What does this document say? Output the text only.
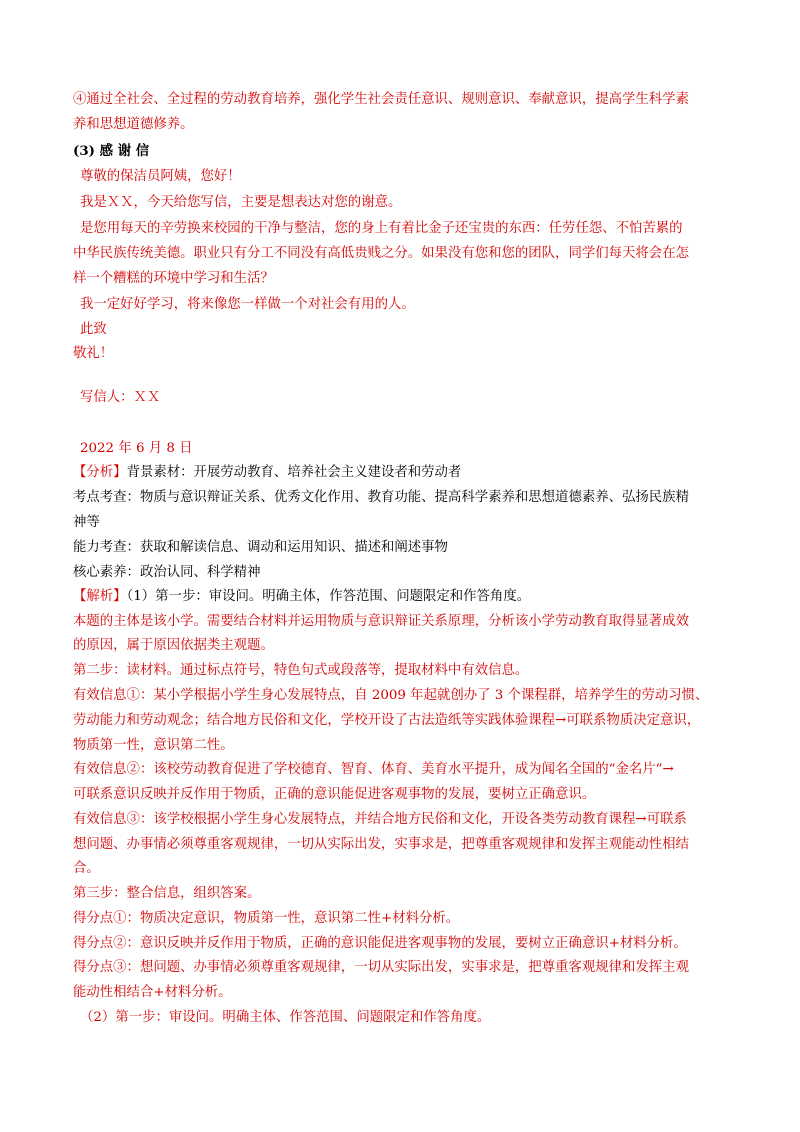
④通过全社会、全过程的劳动教育培养，强化学生社会责任意识、规则意识、奉献意识，提高学生科学素
养和思想道德修养。
(3) 感 谢 信
尊敬的保洁员阿姨，您好！
我是ＸＸ，今天给您写信，主要是想表达对您的谢意。
是您用每天的辛劳换来校园的干净与整洁，您的身上有着比金子还宝贵的东西：任劳任怨、不怕苦累的
中华民族传统美德。职业只有分工不同没有高低贵贱之分。如果没有您和您的团队，同学们每天将会在怎
样一个糟糕的环境中学习和生活？
我一定好好学习，将来像您一样做一个对社会有用的人。
此致
敬礼！
写信人：ＸＸ
2022 年 6 月 8 日
【分析】背景素材：开展劳动教育、培养社会主义建设者和劳动者
考点考查：物质与意识辩证关系、优秀文化作用、教育功能、提高科学素养和思想道德素养、弘扬民族精
神等
能力考查：获取和解读信息、调动和运用知识、描述和阐述事物
核心素养：政治认同、科学精神
【解析】（1）第一步：审设问。明确主体，作答范围、问题限定和作答角度。
本题的主体是该小学。需要结合材料并运用物质与意识辩证关系原理，分析该小学劳动教育取得显著成效
的原因，属于原因依据类主观题。
第二步：读材料。通过标点符号，特色句式或段落等，提取材料中有效信息。
有效信息①：某小学根据小学生身心发展特点，自 2009 年起就创办了 3 个课程群，培养学生的劳动习惯、
劳动能力和劳动观念；结合地方民俗和文化，学校开设了古法造纸等实践体验课程→可联系物质决定意识，
物质第一性，意识第二性。
有效信息②：该校劳动教育促进了学校德育、智育、体育、美育水平提升，成为闻名全国的“金名片”→
可联系意识反映并反作用于物质，正确的意识能促进客观事物的发展，要树立正确意识。
有效信息③：该学校根据小学生身心发展特点，并结合地方民俗和文化，开设各类劳动教育课程→可联系
想问题、办事情必须尊重客观规律，一切从实际出发，实事求是，把尊重客观规律和发挥主观能动性相结
合。
第三步：整合信息，组织答案。
得分点①：物质决定意识，物质第一性，意识第二性+材料分析。
得分点②：意识反映并反作用于物质，正确的意识能促进客观事物的发展，要树立正确意识+材料分析。
得分点③：想问题、办事情必须尊重客观规律，一切从实际出发，实事求是，把尊重客观规律和发挥主观
能动性相结合+材料分析。
（2）第一步：审设问。明确主体、作答范围、问题限定和作答角度。
